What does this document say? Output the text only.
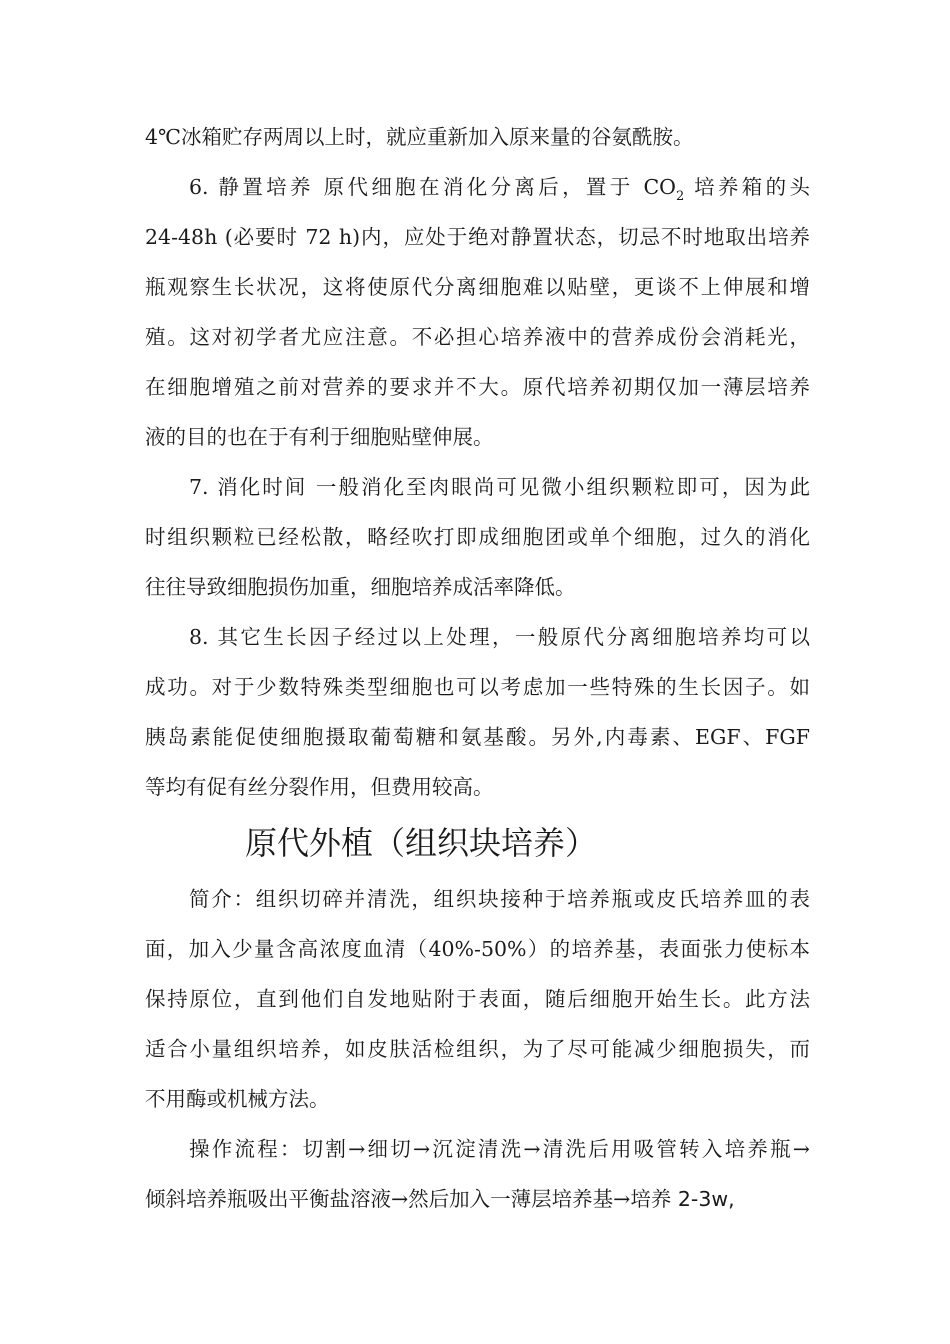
4℃冰箱贮存两周以上时，就应重新加入原来量的谷氨酰胺。
6. 静置培养 原代细胞在消化分离后，置于 $CO_2$ 培养箱的头
24-48h (必要时 72 h)内，应处于绝对静置状态，切忌不时地取出培养
瓶观察生长状况，这将使原代分离细胞难以贴壁，更谈不上伸展和增
殖。这对初学者尤应注意。不必担心培养液中的营养成份会消耗光，
在细胞增殖之前对营养的要求并不大。原代培养初期仅加一薄层培养
液的目的也在于有利于细胞贴壁伸展。
7. 消化时间 一般消化至肉眼尚可见微小组织颗粒即可，因为此
时组织颗粒已经松散，略经吹打即成细胞团或单个细胞，过久的消化
往往导致细胞损伤加重，细胞培养成活率降低。
8. 其它生长因子经过以上处理，一般原代分离细胞培养均可以
成功。对于少数特殊类型细胞也可以考虑加一些特殊的生长因子。如
胰岛素能促使细胞摄取葡萄糖和氨基酸。另外,内毒素、EGF、FGF
等均有促有丝分裂作用，但费用较高。
原代外植（组织块培养）
简介：组织切碎并清洗，组织块接种于培养瓶或皮氏培养皿的表
面，加入少量含高浓度血清（40%-50%）的培养基，表面张力使标本
保持原位，直到他们自发地贴附于表面，随后细胞开始生长。此方法
适合小量组织培养，如皮肤活检组织，为了尽可能减少细胞损失，而
不用酶或机械方法。
操作流程：切割→细切→沉淀清洗→清洗后用吸管转入培养瓶→
倾斜培养瓶吸出平衡盐溶液→然后加入一薄层培养基→培养 2-3w,
